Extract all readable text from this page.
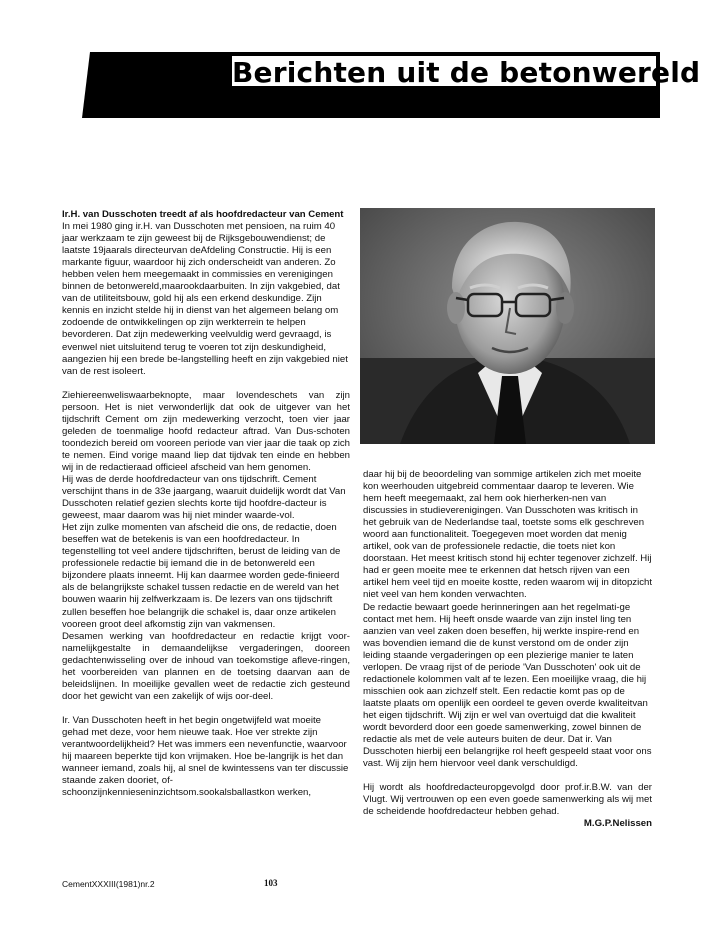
Berichten uit de betonwereld

Ir.H. van Dusschoten treedt af als hoofdredacteur van Cement

In mei 1980 ging ir.H. van Dusschoten met pensioen, na ruim 40 jaar werkzaam te zijn geweest bij de Rijksgebouwendienst; de laatste 19jaarals directeurvan deAfdeling Constructie. Hij is een markante figuur, waardoor hij zich onderscheidt van anderen. Zo hebben velen hem meegemaakt in commissies en verenigingen binnen de betonwereld,maarookdaarbuiten. In zijn vakgebied, dat van de utiliteitsbouw, gold hij als een erkend deskundige. Zijn kennis en inzicht stelde hij in dienst van het algemeen belang om zodoende de ontwikkelingen op zijn werkterrein te helpen bevorderen. Dat zijn medewerking veelvuldig werd gevraagd, is evenwel niet uitsluitend terug te voeren tot zijn deskundigheid, aangezien hij een brede be-langstelling heeft en zijn vakgebied niet van de rest isoleert.

Ziehiereenweliswaarbeknopte, maar lovendeschets van zijn persoon. Het is niet verwonderlijk dat ook de uitgever van het tijdschrift Cement om zijn medewerking verzocht, toen vier jaar geleden de toenmalige hoofd redacteur aftrad. Van Dus-schoten toondezich bereid om vooreen periode van vier jaar die taak op zich te nemen. Eind vorige maand liep dat tijdvak ten einde en hebben wij in de redactieraad officieel afscheid van hem genomen.

Hij was de derde hoofdredacteur van ons tijdschrift. Cement verschijnt thans in de 33e jaargang, waaruit duidelijk wordt dat Van Dusschoten relatief gezien slechts korte tijd hoofdre-dacteur is geweest, maar daarom was hij niet minder waarde-vol.

Het zijn zulke momenten van afscheid die ons, de redactie, doen beseffen wat de betekenis is van een hoofdredacteur. In tegenstelling tot veel andere tijdschriften, berust de leiding van de professionele redactie bij iemand die in de betonwereld een bijzondere plaats inneemt. Hij kan daarmee worden gede-finieerd als de belangrijkste schakel tussen redactie en de wereld van het bouwen waarin hij zelfwerkzaam is. De lezers van ons tijdschrift zullen beseffen hoe belangrijk die schakel is, daar onze artikelen vooreen groot deel afkomstig zijn van vakmensen.

Desamen werking van hoofdredacteur en redactie krijgt voor-namelijkgestalte in demaandelijkse vergaderingen, dooreen gedachtenwisseling over de inhoud van toekomstige afleve-ringen, het voorbereiden van plannen en de toetsing daarvan aan de beleidslijnen. In moeilijke gevallen weet de redactie zich gesteund door het gewicht van een zakelijk of wijs oor-deel.

Ir. Van Dusschoten heeft in het begin ongetwijfeld wat moeite gehad met deze, voor hem nieuwe taak. Hoe ver strekte zijn verantwoordelijkheid? Het was immers een nevenfunctie, waarvoor hij maareen beperkte tijd kon vrijmaken. Hoe be-langrijk is het dan wanneer iemand, zoals hij, al snel de kwintessens van ter discussie staande zaken dooriet, of-schoonzijnkennieseninzichtsom.sookalsballastkon werken,

daar hij bij de beoordeling van sommige artikelen zich met moeite kon weerhouden uitgebreid commentaar daarop te leveren. Wie hem heeft meegemaakt, zal hem ook hierherken-nen van discussies in studieverenigingen. Van Dusschoten was kritisch in het gebruik van de Nederlandse taal, toetste soms elk geschreven woord aan functionaliteit. Toegegeven moet worden dat menig artikel, ook van de professionele redactie, die toets niet kon doorstaan. Het meest kritisch stond hij echter tegenover zichzelf. Hij had er geen moeite mee te erkennen dat hetsch rijven van een artikel hem veel tijd en moeite kostte, reden waarom wij in ditopzicht niet veel van hem konden verwachten.

De redactie bewaart goede herinneringen aan het regelmati-ge contact met hem. Hij heeft onsde waarde van zijn instel ling ten aanzien van veel zaken doen beseffen, hij werkte inspire-rend en was bovendien iemand die de kunst verstond om de onder zijn leiding staande vergaderingen op een plezierige manier te laten verlopen. De vraag rijst of de periode 'Van Dusschoten' ook uit de redactionele kolommen valt af te lezen. Een moeilijke vraag, die hij misschien ook aan zichzelf stelt. Een redactie komt pas op de laatste plaats om openlijk een oordeel te geven overde kwaliteitvan het eigen tijdschrift. Wij zijn er wel van overtuigd dat die kwaliteit wordt bevorderd door een goede samenwerking, zowel binnen de redactie als met de vele auteurs buiten de deur. Dat ir. Van Dusschoten hierbij een belangrijke rol heeft gespeeld staat voor ons vast. Wij zijn hem hiervoor veel dank verschuldigd.

Hij wordt als hoofdredacteuropgevolgd door prof.ir.B.W. van der Vlugt. Wij vertrouwen op een even goede samenwerking als wij met de scheidende hoofdredacteur hebben gehad.

M.G.P.Nelissen

CementXXXIII(1981)nr.2	103
